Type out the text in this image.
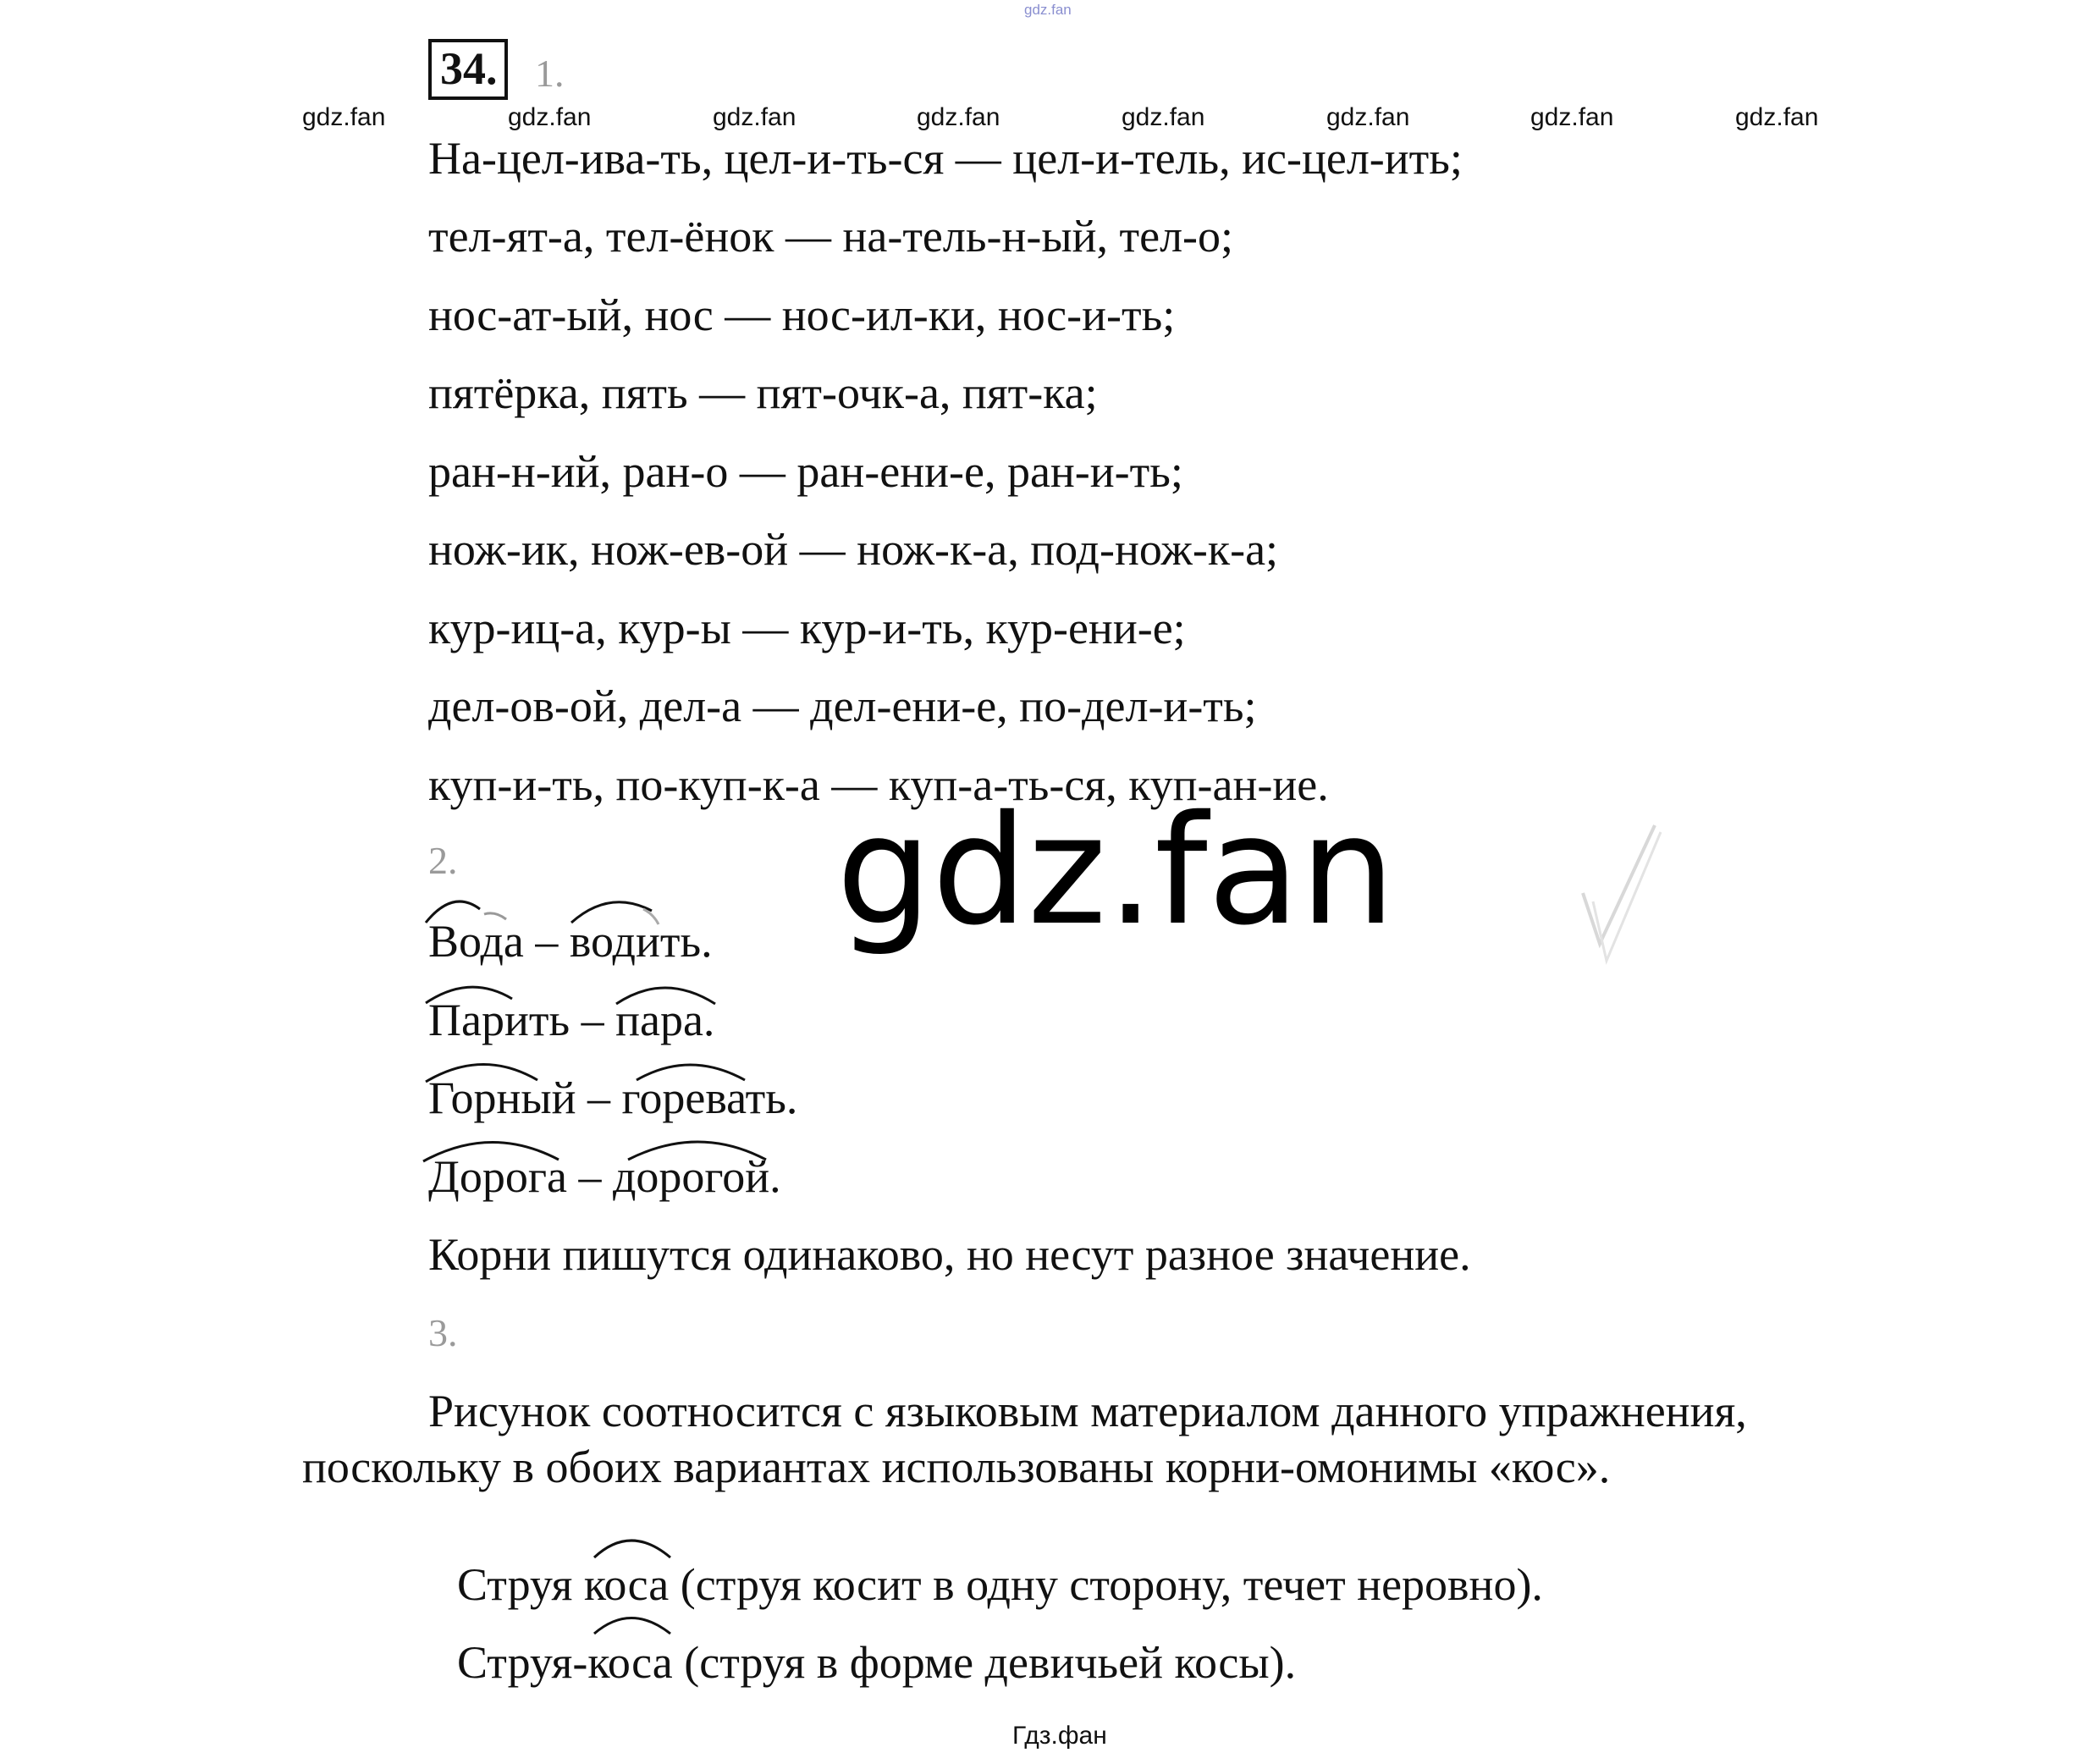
gdz.fan
34. 1.
gdz.fan	gdz.fan	gdz.fan	gdz.fan	gdz.fan	gdz.fan	gdz.fan	gdz.fan
На-цел-ива-ть, цел-и-ть-ся — цел-и-тель, ис-цел-ить;
тел-ят-а, тел-ёнок — на-тель-н-ый, тел-о;
нос-ат-ый, нос — нос-ил-ки, нос-и-ть;
пятёрка, пять — пят-очк-а, пят-ка;
ран-н-ий, ран-о — ран-ени-е, ран-и-ть;
нож-ик, нож-ев-ой — нож-к-а, под-нож-к-а;
кур-иц-а, кур-ы — кур-и-ть, кур-ени-е;
дел-ов-ой, дел-а — дел-ени-е, по-дел-и-ть;
куп-и-ть, по-куп-к-а — куп-а-ть-ся, куп-ан-ие.
2.	gdz.fan
Вода – водить.
Парить – пара.
Горный – горевать.
Дорога – дорогой.
Корни пишутся одинаково, но несут разное значение.
3.
Рисунок соотносится с языковым материалом данного упражнения,
поскольку в обоих вариантах использованы корни-омонимы «кос».
Струя коса (струя косит в одну сторону, течет неровно).
Струя-коса (струя в форме девичьей косы).
Гдз.фан
